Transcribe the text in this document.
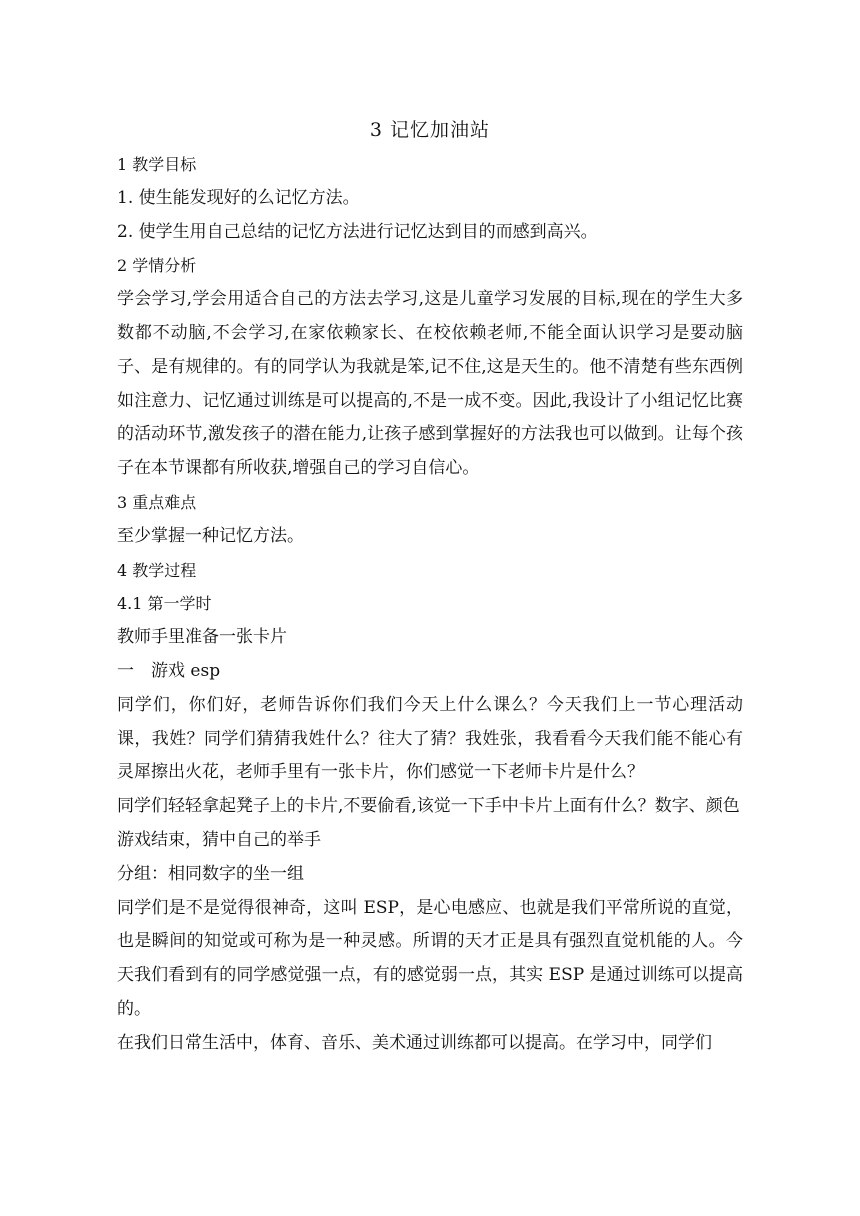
3 记忆加油站

1 教学目标

1. 使生能发现好的么记忆方法。

2. 使学生用自己总结的记忆方法进行记忆达到目的而感到高兴。

2 学情分析

学会学习,学会用适合自己的方法去学习,这是儿童学习发展的目标,现在的学生大多数都不动脑,不会学习,在家依赖家长、在校依赖老师,不能全面认识学习是要动脑子、是有规律的。有的同学认为我就是笨,记不住,这是天生的。他不清楚有些东西例如注意力、记忆通过训练是可以提高的,不是一成不变。因此,我设计了小组记忆比赛的活动环节,激发孩子的潜在能力,让孩子感到掌握好的方法我也可以做到。让每个孩子在本节课都有所收获,增强自己的学习自信心。

3 重点难点

至少掌握一种记忆方法。

4 教学过程

4.1 第一学时

教师手里准备一张卡片

一　游戏 esp

同学们，你们好，老师告诉你们我们今天上什么课么？今天我们上一节心理活动课，我姓？同学们猜猜我姓什么？往大了猜？我姓张，我看看今天我们能不能心有灵犀擦出火花，老师手里有一张卡片，你们感觉一下老师卡片是什么？

同学们轻轻拿起凳子上的卡片,不要偷看,该觉一下手中卡片上面有什么？数字、颜色

游戏结束，猜中自己的举手

分组：相同数字的坐一组

同学们是不是觉得很神奇，这叫 ESP，是心电感应、也就是我们平常所说的直觉，也是瞬间的知觉或可称为是一种灵感。所谓的天才正是具有强烈直觉机能的人。今天我们看到有的同学感觉强一点，有的感觉弱一点，其实 ESP 是通过训练可以提高的。

在我们日常生活中，体育、音乐、美术通过训练都可以提高。在学习中，同学们
